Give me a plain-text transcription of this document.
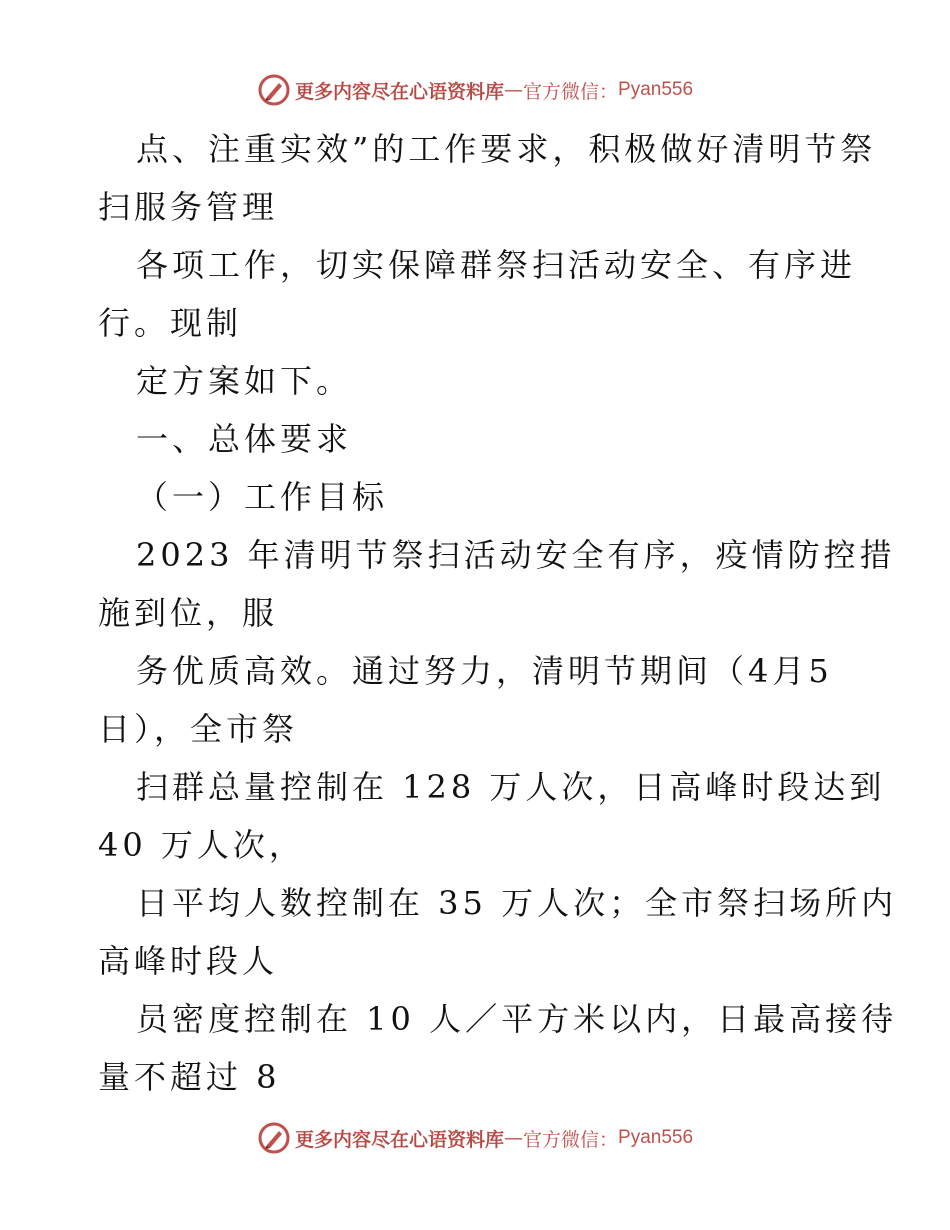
更多内容尽在心语资料库 — 官方微信 ： Pyan556
点、注重实效”的工作要求，积极做好清明节祭
扫服务管理
各项工作，切实保障群祭扫活动安全、有序进
行。现制
定方案如下。
一、总体要求
（一）工作目标
2023 年清明节祭扫活动安全有序，疫情防控措
施到位，服
务优质高效。通过努力，清明节期间（4月5
日），全市祭
扫群总量控制在 128 万人次，日高峰时段达到
40 万人次，
日平均人数控制在 35 万人次；全市祭扫场所内
高峰时段人
员密度控制在 10 人／平方米以内，日最高接待
量不超过 8
更多内容尽在心语资料库 — 官方微信 ： Pyan556
